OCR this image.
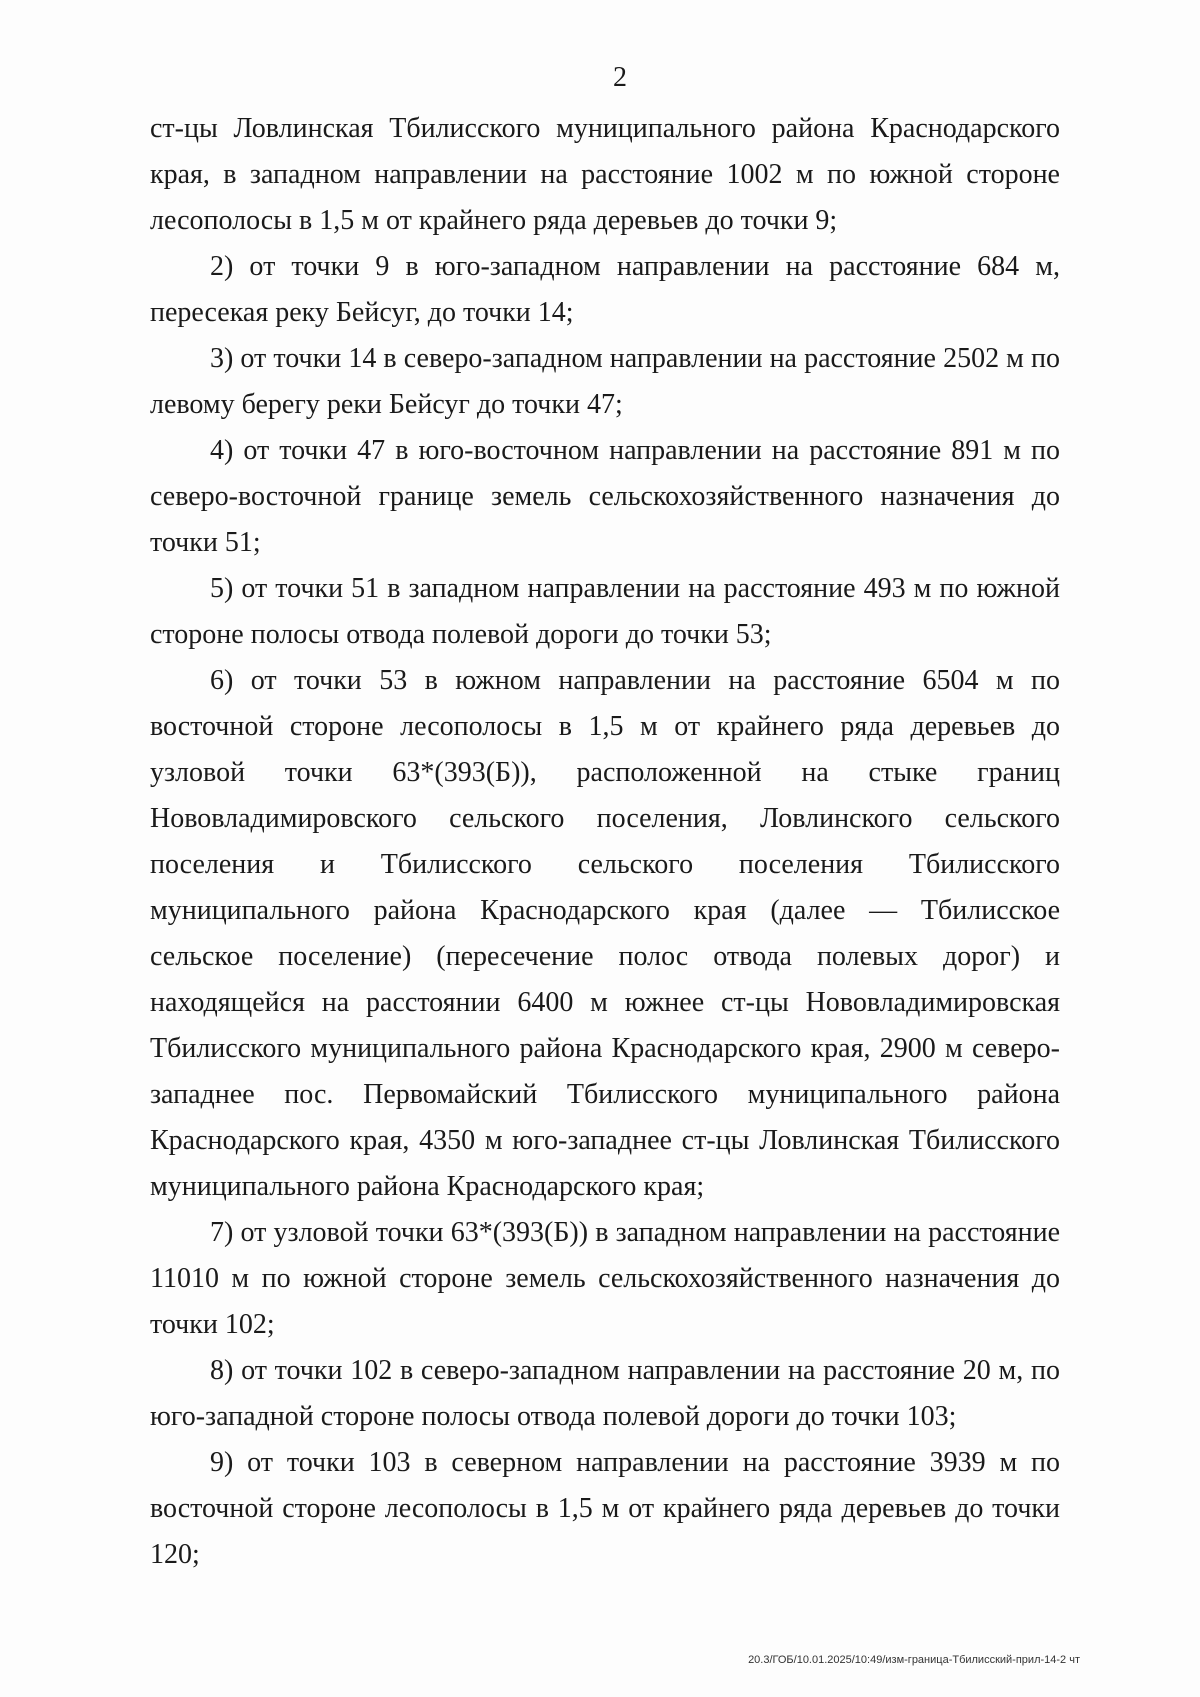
2

ст-цы Ловлинская Тбилисского муниципального района Краснодарского края, в западном направлении на расстояние 1002 м по южной стороне лесополосы в 1,5 м от крайнего ряда деревьев до точки 9;

2) от точки 9 в юго-западном направлении на расстояние 684 м, пересекая реку Бейсуг, до точки 14;

3) от точки 14 в северо-западном направлении на расстояние 2502 м по левому берегу реки Бейсуг до точки 47;

4) от точки 47 в юго-восточном направлении на расстояние 891 м по северо-восточной границе земель сельскохозяйственного назначения до точки 51;

5) от точки 51 в западном направлении на расстояние 493 м по южной стороне полосы отвода полевой дороги до точки 53;

6) от точки 53 в южном направлении на расстояние 6504 м по восточной стороне лесополосы в 1,5 м от крайнего ряда деревьев до узловой точки 63*(393(Б)), расположенной на стыке границ Нововладимировского сельского поселения, Ловлинского сельского поселения и Тбилисского сельского поселения Тбилисского муниципального района Краснодарского края (далее — Тбилисское сельское поселение) (пересечение полос отвода полевых дорог) и находящейся на расстоянии 6400 м южнее ст-цы Нововладимировская Тбилисского муниципального района Краснодарского края, 2900 м северо-западнее пос. Первомайский Тбилисского муниципального района Краснодарского края, 4350 м юго-западнее ст-цы Ловлинская Тбилисского муниципального района Краснодарского края;

7) от узловой точки 63*(393(Б)) в западном направлении на расстояние 11010 м по южной стороне земель сельскохозяйственного назначения до точки 102;

8) от точки 102 в северо-западном направлении на расстояние 20 м, по юго-западной стороне полосы отвода полевой дороги до точки 103;

9) от точки 103 в северном направлении на расстояние 3939 м по восточной стороне лесополосы в 1,5 м от крайнего ряда деревьев до точки 120;

20.3/ГОБ/10.01.2025/10:49/изм-граница-Тбилисский-прил-14-2 чт
